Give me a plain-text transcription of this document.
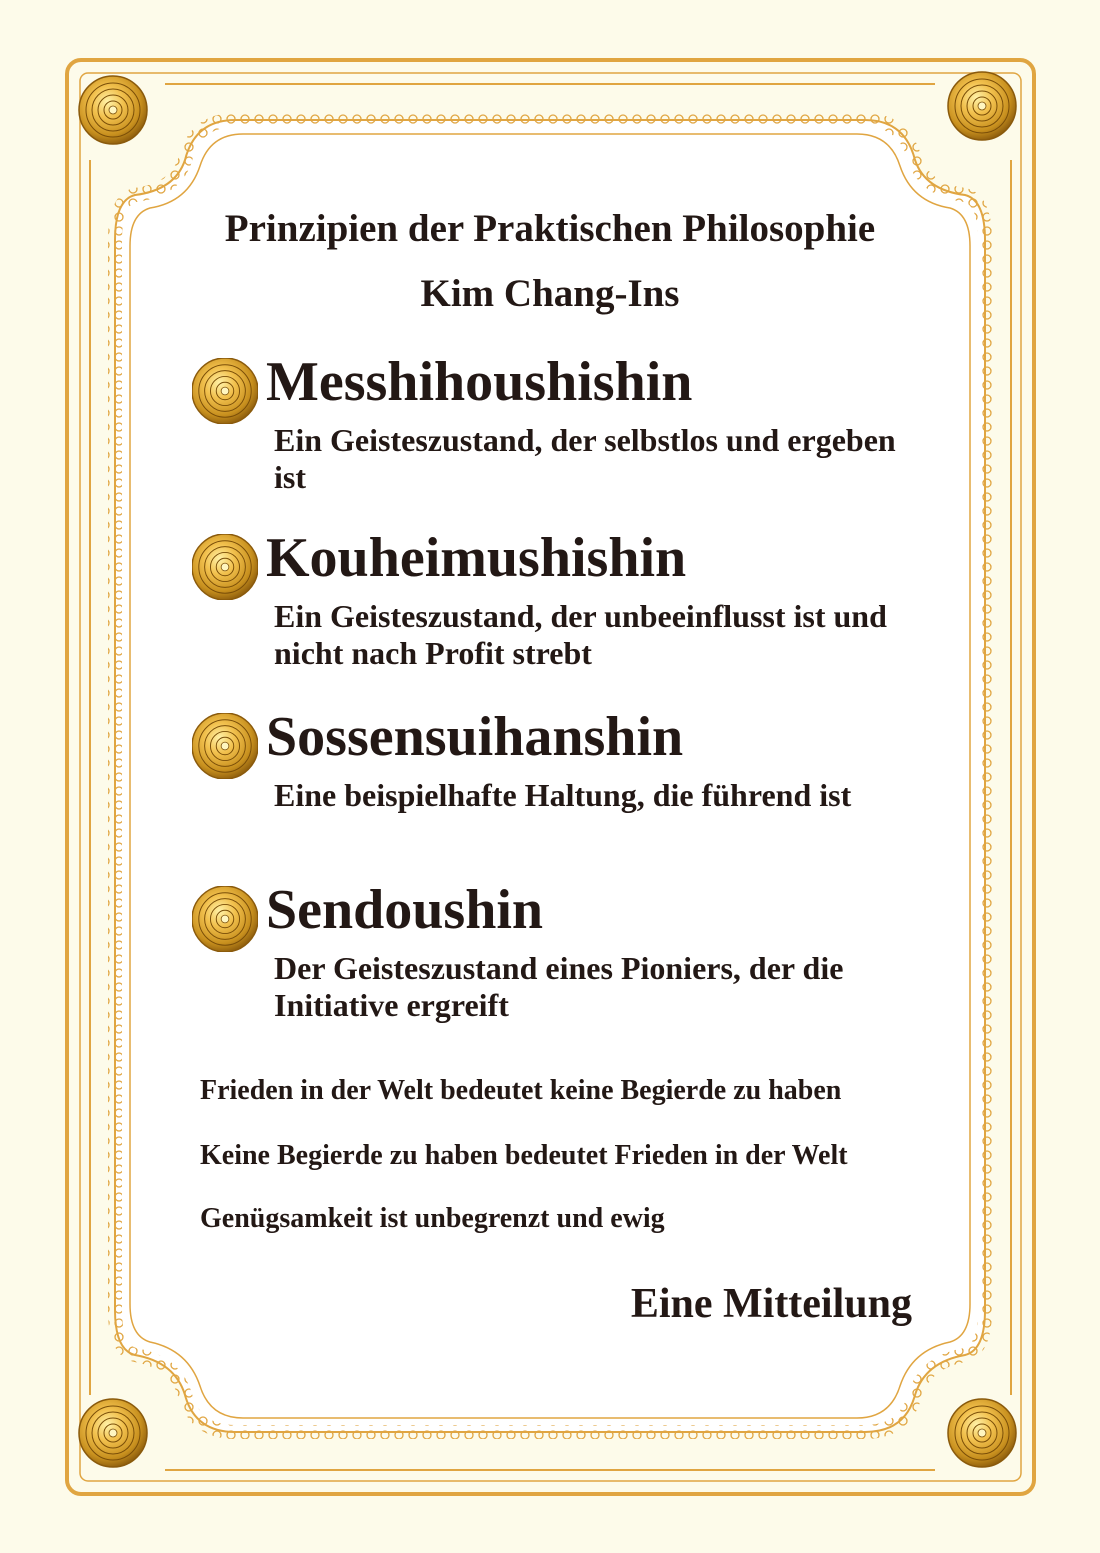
Prinzipien der Praktischen Philosophie
Kim Chang-Ins
Messhihoushishin
Ein Geisteszustand, der selbstlos und ergeben ist
Kouheimushishin
Ein Geisteszustand, der unbeeinflusst ist und nicht nach Profit strebt
Sossensuihanshin
Eine beispielhafte Haltung, die führend ist
Sendoushin
Der Geisteszustand eines Pioniers, der die Initiative ergreift
Frieden in der Welt bedeutet keine Begierde zu haben
Keine Begierde zu haben bedeutet Frieden in der Welt
Genügsamkeit ist unbegrenzt und ewig
Eine Mitteilung
